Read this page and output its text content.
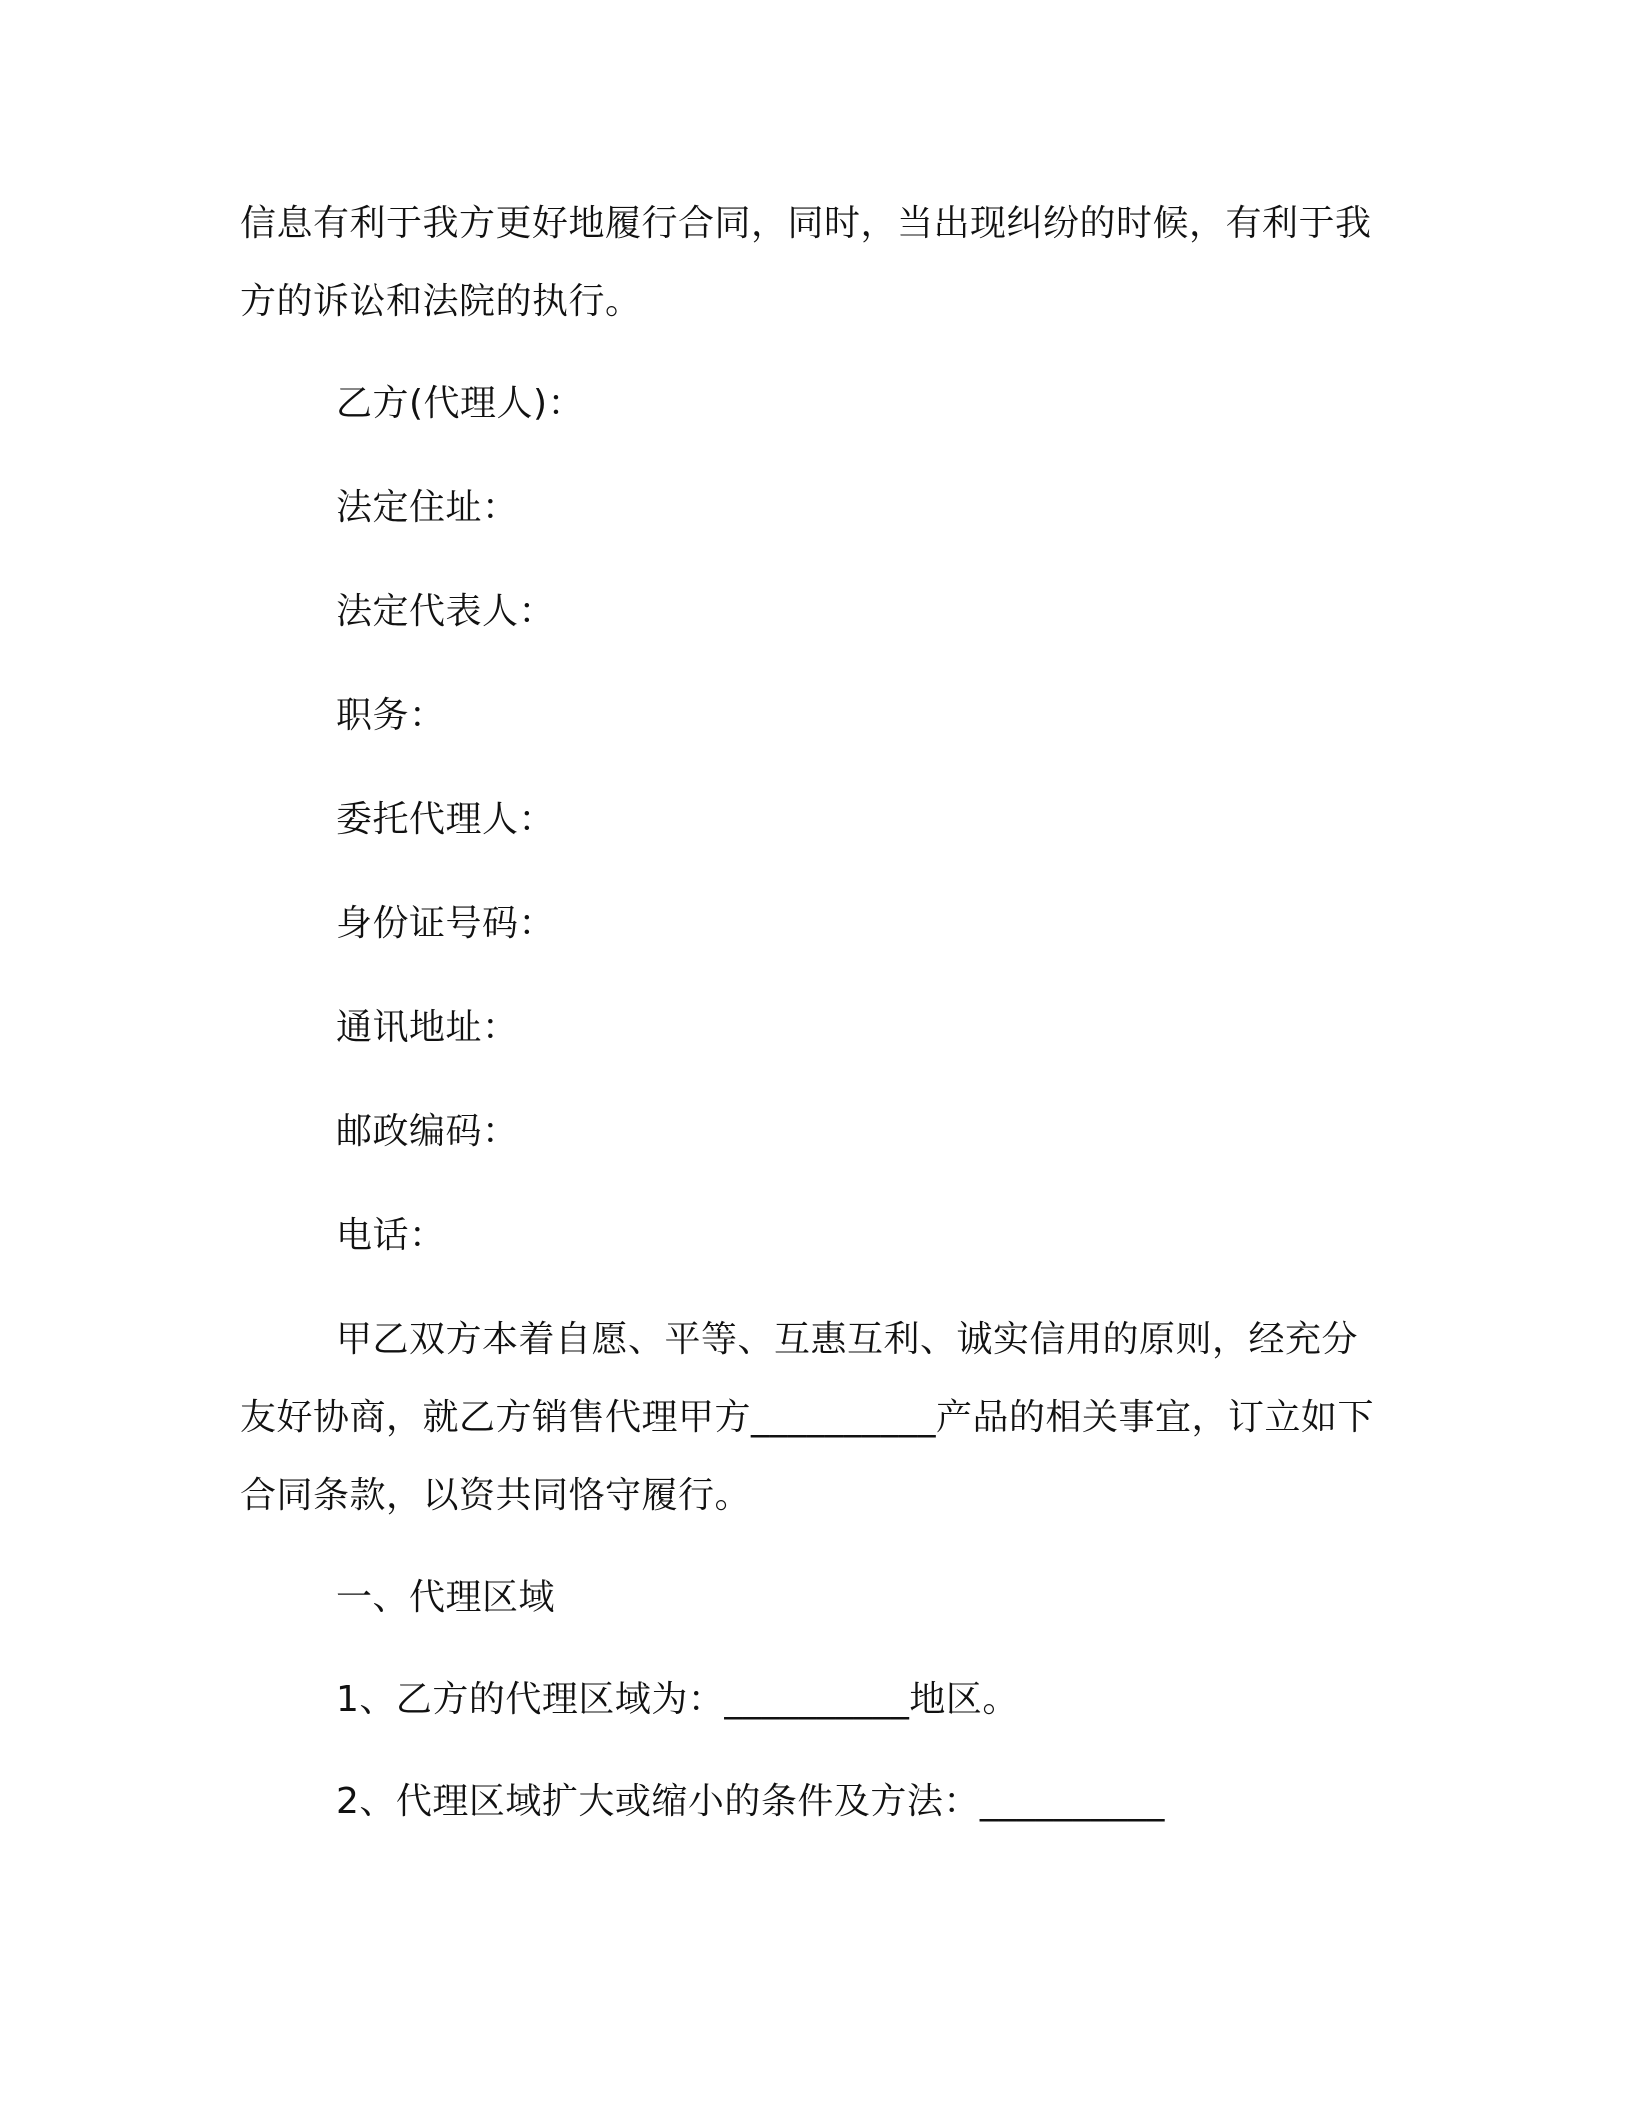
信息有利于我方更好地履行合同，同时，当出现纠纷的时候，有利于我方的诉讼和法院的执行。

乙方(代理人)：

法定住址：

法定代表人：

职务：

委托代理人：

身份证号码：

通讯地址：

邮政编码：

电话：

甲乙双方本着自愿、平等、互惠互利、诚实信用的原则，经充分友好协商，就乙方销售代理甲方__________产品的相关事宜，订立如下合同条款，以资共同恪守履行。

一、代理区域

1、乙方的代理区域为：__________地区。

2、代理区域扩大或缩小的条件及方法：__________
